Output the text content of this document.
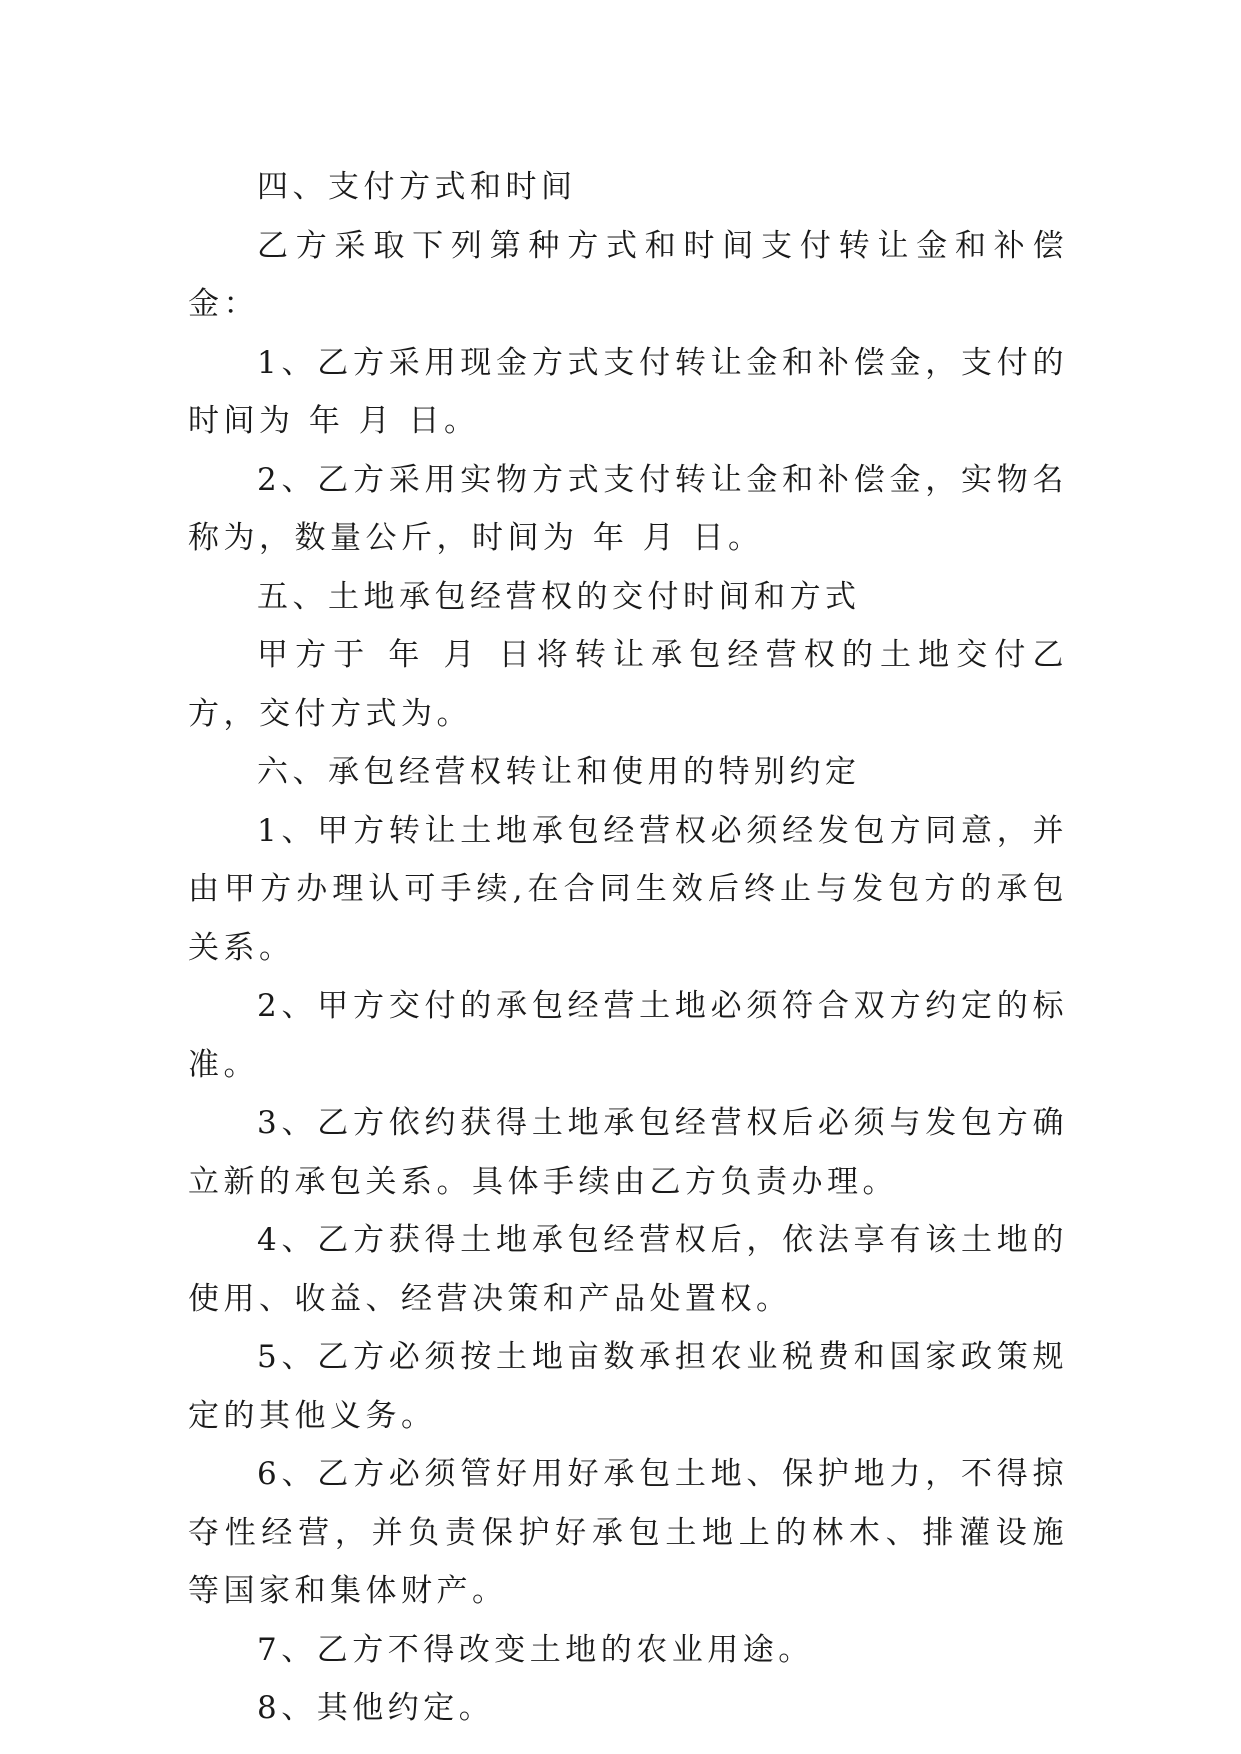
四、支付方式和时间

乙方采取下列第种方式和时间支付转让金和补偿金：

1、乙方采用现金方式支付转让金和补偿金，支付的时间为 年 月 日。

2、乙方采用实物方式支付转让金和补偿金，实物名称为，数量公斤，时间为 年 月 日。

五、土地承包经营权的交付时间和方式

甲方于 年 月 日将转让承包经营权的土地交付乙方，交付方式为。

六、承包经营权转让和使用的特别约定

1、甲方转让土地承包经营权必须经发包方同意，并由甲方办理认可手续,在合同生效后终止与发包方的承包关系。

2、甲方交付的承包经营土地必须符合双方约定的标准。

3、乙方依约获得土地承包经营权后必须与发包方确立新的承包关系。具体手续由乙方负责办理。

4、乙方获得土地承包经营权后，依法享有该土地的使用、收益、经营决策和产品处置权。

5、乙方必须按土地亩数承担农业税费和国家政策规定的其他义务。

6、乙方必须管好用好承包土地、保护地力，不得掠夺性经营，并负责保护好承包土地上的林木、排灌设施等国家和集体财产。

7、乙方不得改变土地的农业用途。

8、其他约定。
